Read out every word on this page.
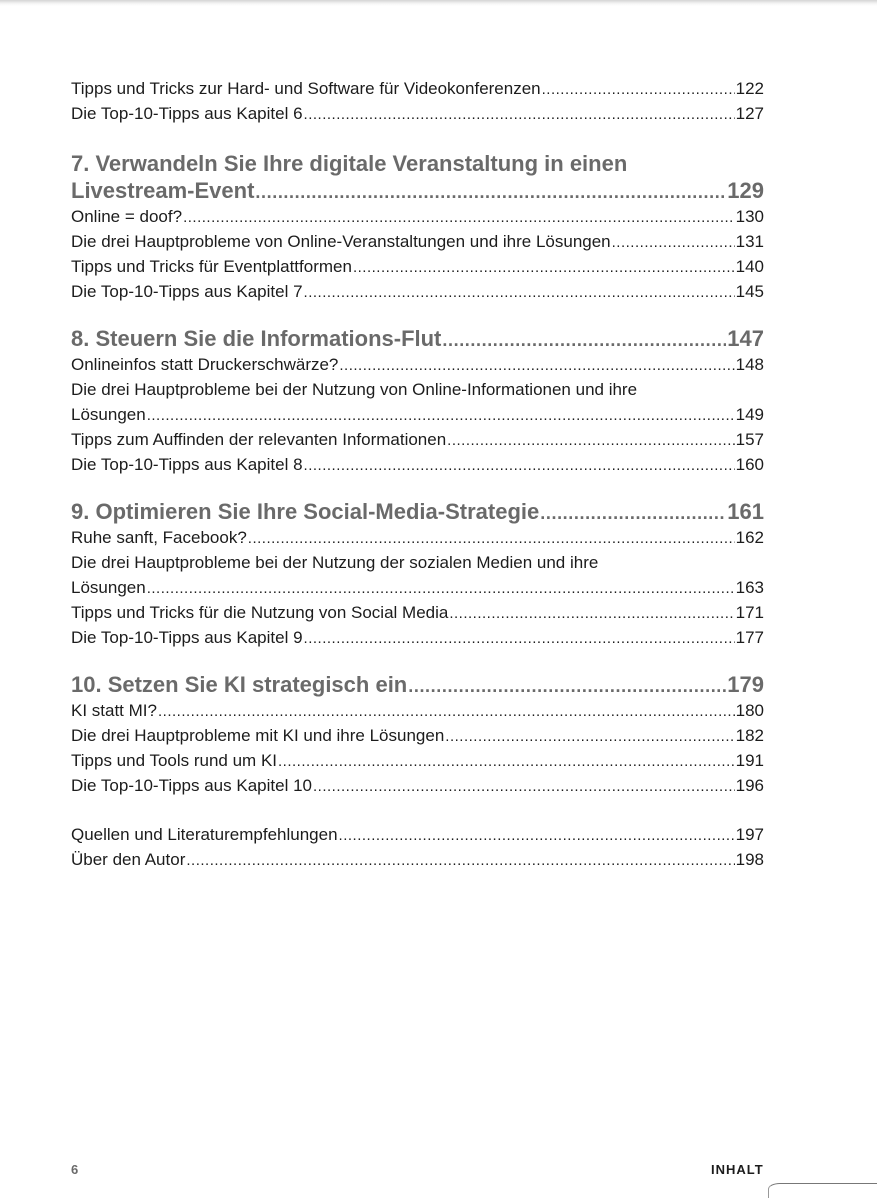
Tipps und Tricks zur Hard- und Software für Videokonferenzen .....	122
Die Top-10-Tipps aus Kapitel 6 .....	127
7. Verwandeln Sie Ihre digitale Veranstaltung in einen
Livestream-Event .....	129
Online = doof? .....	130
Die drei Hauptprobleme von Online-Veranstaltungen und ihre Lösungen .....	131
Tipps und Tricks für Eventplattformen .....	140
Die Top-10-Tipps aus Kapitel 7 .....	145
8. Steuern Sie die Informations-Flut .....	147
Onlineinfos statt Druckerschwärze? .....	148
Die drei Hauptprobleme bei der Nutzung von Online-Informationen und ihre
Lösungen .....	149
Tipps zum Auffinden der relevanten Informationen .....	157
Die Top-10-Tipps aus Kapitel 8 .....	160
9. Optimieren Sie Ihre Social-Media-Strategie .....	161
Ruhe sanft, Facebook? .....	162
Die drei Hauptprobleme bei der Nutzung der sozialen Medien und ihre
Lösungen .....	163
Tipps und Tricks für die Nutzung von Social Media .....	171
Die Top-10-Tipps aus Kapitel 9 .....	177
10. Setzen Sie KI strategisch ein .....	179
KI statt MI? .....	180
Die drei Hauptprobleme mit KI und ihre Lösungen .....	182
Tipps und Tools rund um KI .....	191
Die Top-10-Tipps aus Kapitel 10 .....	196
Quellen und Literaturempfehlungen .....	197
Über den Autor .....	198
6	INHALT
